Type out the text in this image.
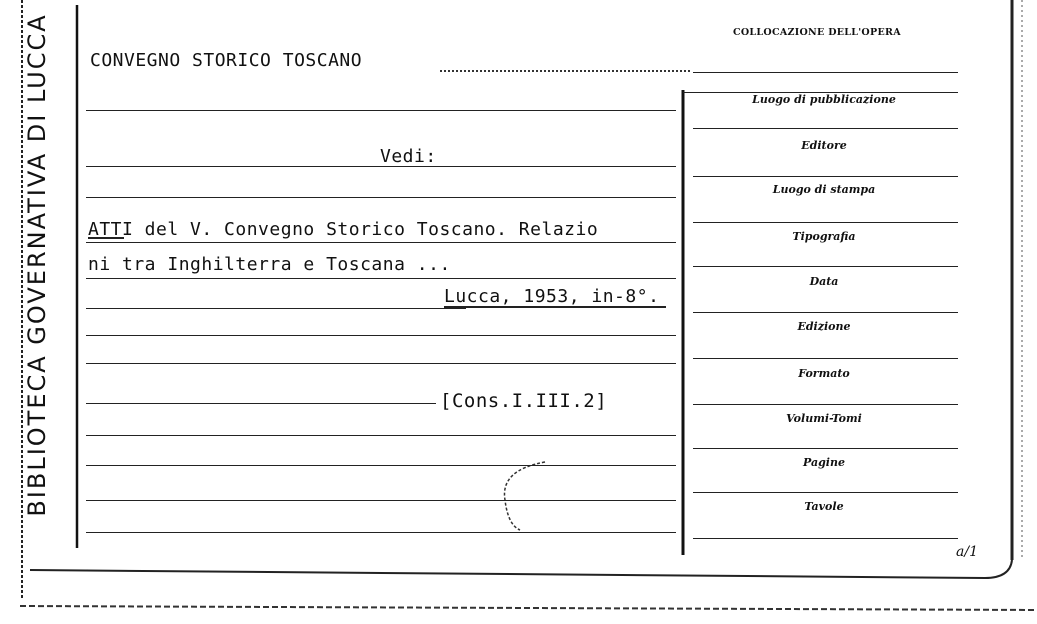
BIBLIOTECA GOVERNATIVA DI LUCCA	COLLOCAZIONE DELL'OPERA
Luogo di pubblicazione
Editore
Luogo di stampa
Tipografia
Data
Edizione
Formato
Volumi-Tomi
Pagine
Tavole
CONVEGNO STORICO TOSCANO
Vedi:
ATTI del V. Convegno Storico Toscano. Relazio
ni tra Inghilterra e Toscana ...
Lucca, 1953, in-8°.
[Cons.I.III.2]
a/1
